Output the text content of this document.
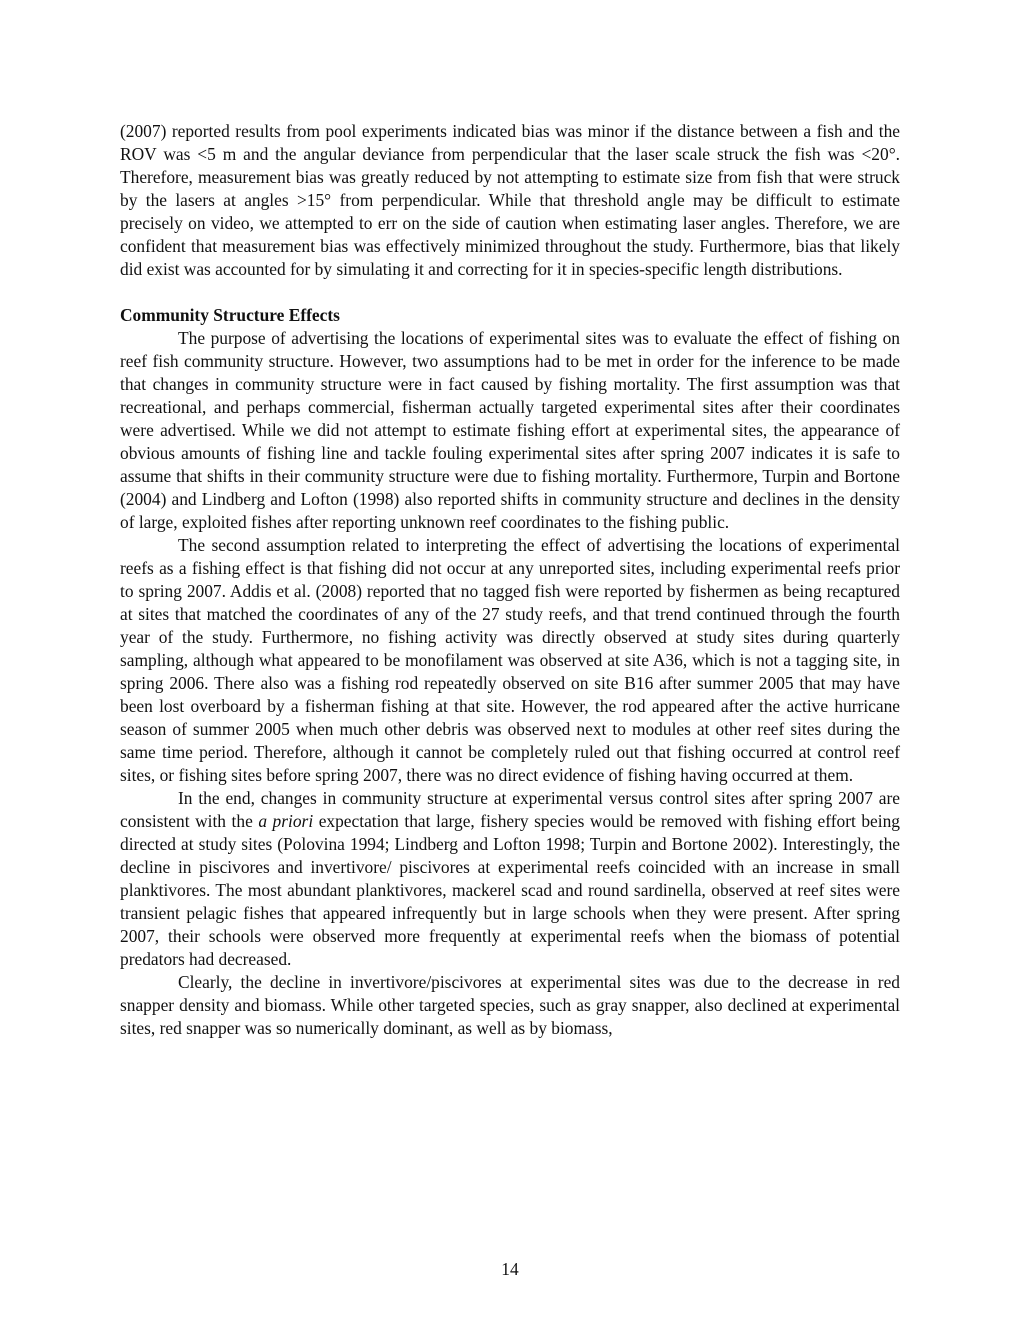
(2007) reported results from pool experiments indicated bias was minor if the distance between a fish and the ROV was <5 m and the angular deviance from perpendicular that the laser scale struck the fish was <20°. Therefore, measurement bias was greatly reduced by not attempting to estimate size from fish that were struck by the lasers at angles >15° from perpendicular. While that threshold angle may be difficult to estimate precisely on video, we attempted to err on the side of caution when estimating laser angles. Therefore, we are confident that measurement bias was effectively minimized throughout the study. Furthermore, bias that likely did exist was accounted for by simulating it and correcting for it in species-specific length distributions.

Community Structure Effects

The purpose of advertising the locations of experimental sites was to evaluate the effect of fishing on reef fish community structure. However, two assumptions had to be met in order for the inference to be made that changes in community structure were in fact caused by fishing mortality. The first assumption was that recreational, and perhaps commercial, fisherman actually targeted experimental sites after their coordinates were advertised. While we did not attempt to estimate fishing effort at experimental sites, the appearance of obvious amounts of fishing line and tackle fouling experimental sites after spring 2007 indicates it is safe to assume that shifts in their community structure were due to fishing mortality. Furthermore, Turpin and Bortone (2004) and Lindberg and Lofton (1998) also reported shifts in community structure and declines in the density of large, exploited fishes after reporting unknown reef coordinates to the fishing public.

The second assumption related to interpreting the effect of advertising the locations of experimental reefs as a fishing effect is that fishing did not occur at any unreported sites, including experimental reefs prior to spring 2007. Addis et al. (2008) reported that no tagged fish were reported by fishermen as being recaptured at sites that matched the coordinates of any of the 27 study reefs, and that trend continued through the fourth year of the study. Furthermore, no fishing activity was directly observed at study sites during quarterly sampling, although what appeared to be monofilament was observed at site A36, which is not a tagging site, in spring 2006. There also was a fishing rod repeatedly observed on site B16 after summer 2005 that may have been lost overboard by a fisherman fishing at that site. However, the rod appeared after the active hurricane season of summer 2005 when much other debris was observed next to modules at other reef sites during the same time period. Therefore, although it cannot be completely ruled out that fishing occurred at control reef sites, or fishing sites before spring 2007, there was no direct evidence of fishing having occurred at them.

In the end, changes in community structure at experimental versus control sites after spring 2007 are consistent with the a priori expectation that large, fishery species would be removed with fishing effort being directed at study sites (Polovina 1994; Lindberg and Lofton 1998; Turpin and Bortone 2002). Interestingly, the decline in piscivores and invertivore/ piscivores at experimental reefs coincided with an increase in small planktivores. The most abundant planktivores, mackerel scad and round sardinella, observed at reef sites were transient pelagic fishes that appeared infrequently but in large schools when they were present. After spring 2007, their schools were observed more frequently at experimental reefs when the biomass of potential predators had decreased.

Clearly, the decline in invertivore/piscivores at experimental sites was due to the decrease in red snapper density and biomass. While other targeted species, such as gray snapper, also declined at experimental sites, red snapper was so numerically dominant, as well as by biomass,

14
